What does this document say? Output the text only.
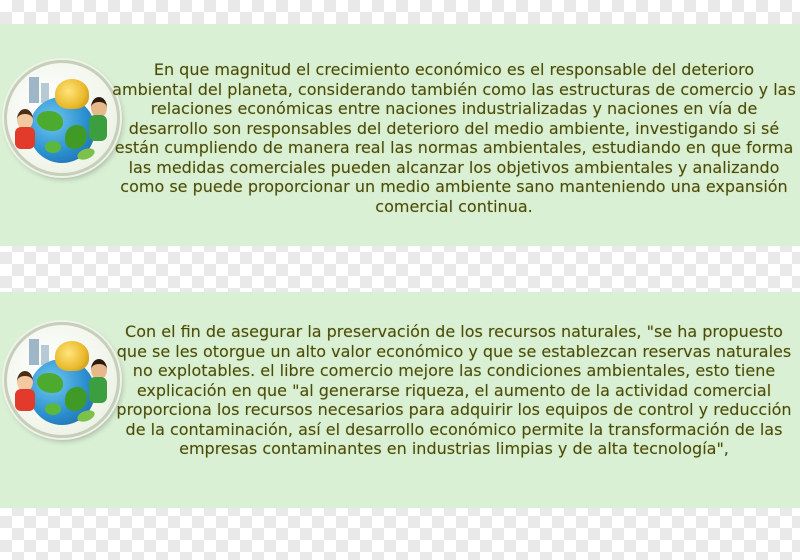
En que magnitud el crecimiento económico es el responsable del deterioro ambiental del planeta, considerando también como las estructuras de comercio y las relaciones económicas entre naciones industrializadas y naciones en vía de desarrollo son responsables del deterioro del medio ambiente, investigando si sé están cumpliendo de manera real las normas ambientales, estudiando en que forma las medidas comerciales pueden alcanzar los objetivos ambientales y analizando como se puede proporcionar un medio ambiente sano manteniendo una expansión comercial continua.

Con el fin de asegurar la preservación de los recursos naturales, "se ha propuesto que se les otorgue un alto valor económico y que se establezcan reservas naturales no explotables. el libre comercio mejore las condiciones ambientales, esto tiene explicación en que "al generarse riqueza, el aumento de la actividad comercial proporciona los recursos necesarios para adquirir los equipos de control y reducción de la contaminación, así el desarrollo económico permite la transformación de las empresas contaminantes en industrias limpias y de alta tecnología",
